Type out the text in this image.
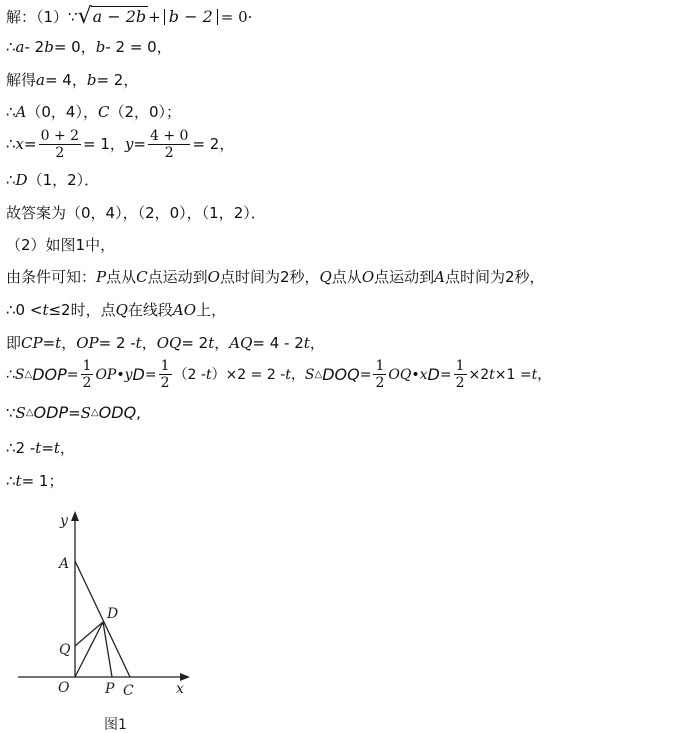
解：（1）∵ √ a − 2b + b − 2 = 0·
∴ a - 2 b = 0， b - 2 = 0，
解得 a = 4， b = 2，
∴ A （0，4）， C （2，0）；
∴ $x = \frac{0 + 2}{2} = 1$， $y = \frac{4 + 0}{2} = 2$，
∴ D （1，2）．
故答案为（0，4），（2，0），（1，2）．
（2）如图1中，
由条件可知： P 点从 C 点运动到 O 点时间为2秒， Q 点从 O 点运动到 A 点时间为2秒，
∴ 0 < t ≤2时，点 Q 在线段 AO 上，
即 CP = t ， OP = 2 - t ， OQ = 2 t ， AQ = 4 - 2 t ，
∴ S △ DOP = $\frac{1}{2}$ OP • y $D = \frac{1}{2} (2 - t$ ）×2 = 2 - t ， S △ DOQ = $\frac{1}{2}$ OQ • x $D = \frac{1}{2} \times 2$ t ×1 = t ，
∵ S △ ODP = S △ ODQ ,
∴ 2 - t = t ，
∴ t = 1；
y
A
D
Q
O	P C	x
图1
